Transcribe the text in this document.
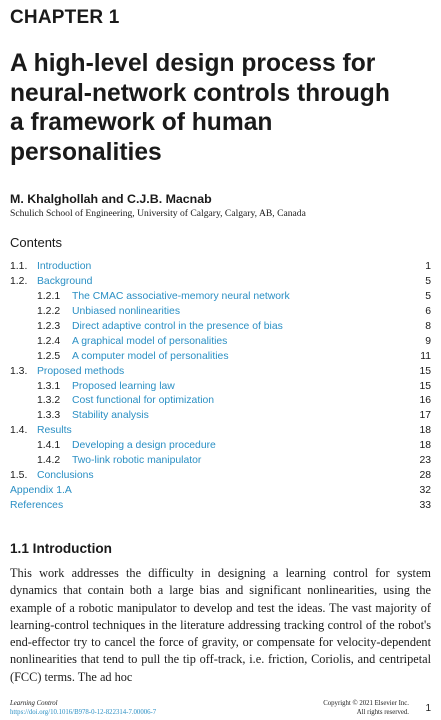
CHAPTER 1
A high-level design process for
neural-network controls through
a framework of human
personalities
M. Khalghollah and C.J.B. Macnab
Schulich School of Engineering, University of Calgary, Calgary, AB, Canada
Contents
1.1. Introduction	1
1.2. Background	5
1.2.1 The CMAC associative-memory neural network	5
1.2.2 Unbiased nonlinearities	6
1.2.3 Direct adaptive control in the presence of bias	8
1.2.4 A graphical model of personalities	9
1.2.5 A computer model of personalities	11
1.3. Proposed methods	15
1.3.1 Proposed learning law	15
1.3.2 Cost functional for optimization	16
1.3.3 Stability analysis	17
1.4. Results	18
1.4.1 Developing a design procedure	18
1.4.2 Two-link robotic manipulator	23
1.5. Conclusions	28
Appendix 1.A	32
References	33
1.1 Introduction

This work addresses the difficulty in designing a learning control for system dynamics that contain both a large bias and significant nonlinearities, using the example of a robotic manipulator to develop and test the ideas. The vast majority of learning-control techniques in the literature addressing tracking control of the robot's end-effector try to cancel the force of gravity, or compensate for velocity-dependent nonlinearities that tend to pull the tip off-track, i.e. friction, Coriolis, and centripetal (FCC) terms. The ad hoc

Learning Control
https://doi.org/10.1016/B978-0-12-822314-7.00006-7
Copyright © 2021 Elsevier Inc.
All rights reserved. 1
